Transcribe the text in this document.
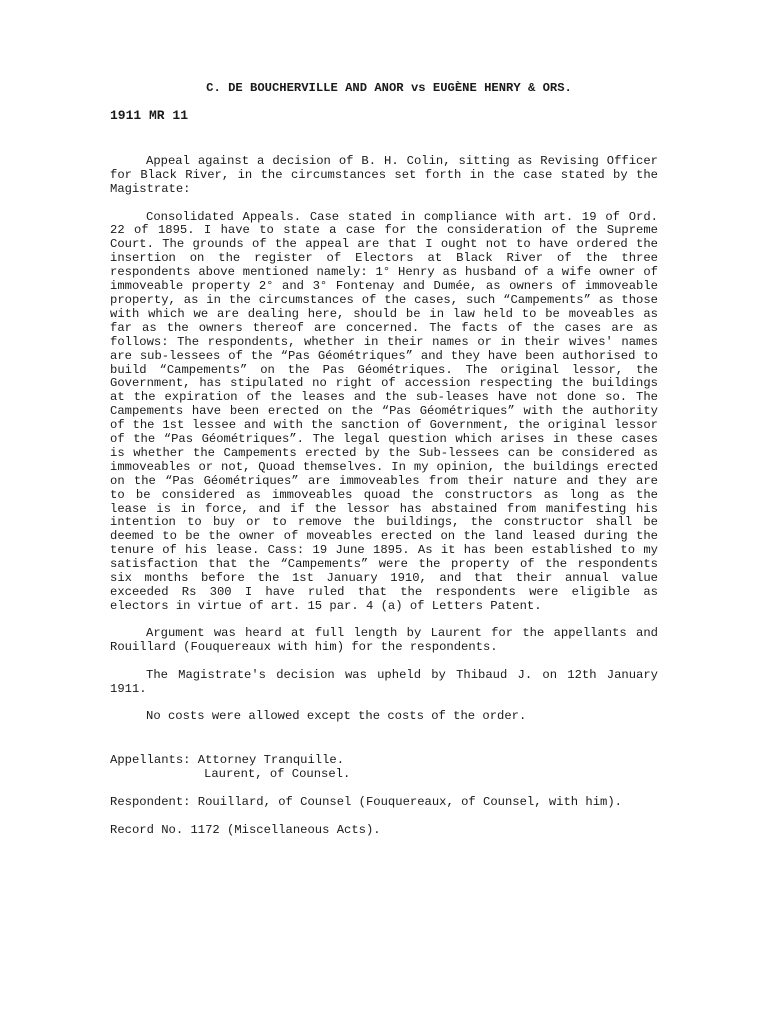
C. DE BOUCHERVILLE AND ANOR vs EUGÈNE HENRY & ORS.
1911 MR 11

Appeal against a decision of B. H. Colin, sitting as Revising Officer for Black River, in the circumstances set forth in the case stated by the Magistrate:

Consolidated Appeals. Case stated in compliance with art. 19 of Ord. 22 of 1895. I have to state a case for the consideration of the Supreme Court. The grounds of the appeal are that I ought not to have ordered the insertion on the register of Electors at Black River of the three respondents above mentioned namely: 1° Henry as husband of a wife owner of immoveable property 2° and 3° Fontenay and Dumée, as owners of immoveable property, as in the circumstances of the cases, such “Campements” as those with which we are dealing here, should be in law held to be moveables as far as the owners thereof are concerned. The facts of the cases are as follows: The respondents, whether in their names or in their wives' names are sub-lessees of the “Pas Géométriques” and they have been authorised to build “Campements” on the Pas Géométriques. The original lessor, the Government, has stipulated no right of accession respecting the buildings at the expiration of the leases and the sub-leases have not done so. The Campements have been erected on the “Pas Géométriques” with the authority of the 1st lessee and with the sanction of Government, the original lessor of the “Pas Géométriques”. The legal question which arises in these cases is whether the Campements erected by the Sub-lessees can be considered as immoveables or not, Quoad themselves. In my opinion, the buildings erected on the “Pas Géométriques” are immoveables from their nature and they are to be considered as immoveables quoad the constructors as long as the lease is in force, and if the lessor has abstained from manifesting his intention to buy or to remove the buildings, the constructor shall be deemed to be the owner of moveables erected on the land leased during the tenure of his lease. Cass: 19 June 1895. As it has been established to my satisfaction that the “Campements” were the property of the respondents six months before the 1st January 1910, and that their annual value exceeded Rs 300 I have ruled that the respondents were eligible as electors in virtue of art. 15 par. 4 (a) of Letters Patent.

Argument was heard at full length by Laurent for the appellants and Rouillard (Fouquereaux with him) for the respondents.

The Magistrate's decision was upheld by Thibaud J. on 12th January 1911.

No costs were allowed except the costs of the order.

Appellants: Attorney Tranquille.
Laurent, of Counsel.
Respondent: Rouillard, of Counsel (Fouquereaux, of Counsel, with him).
Record No. 1172 (Miscellaneous Acts).
